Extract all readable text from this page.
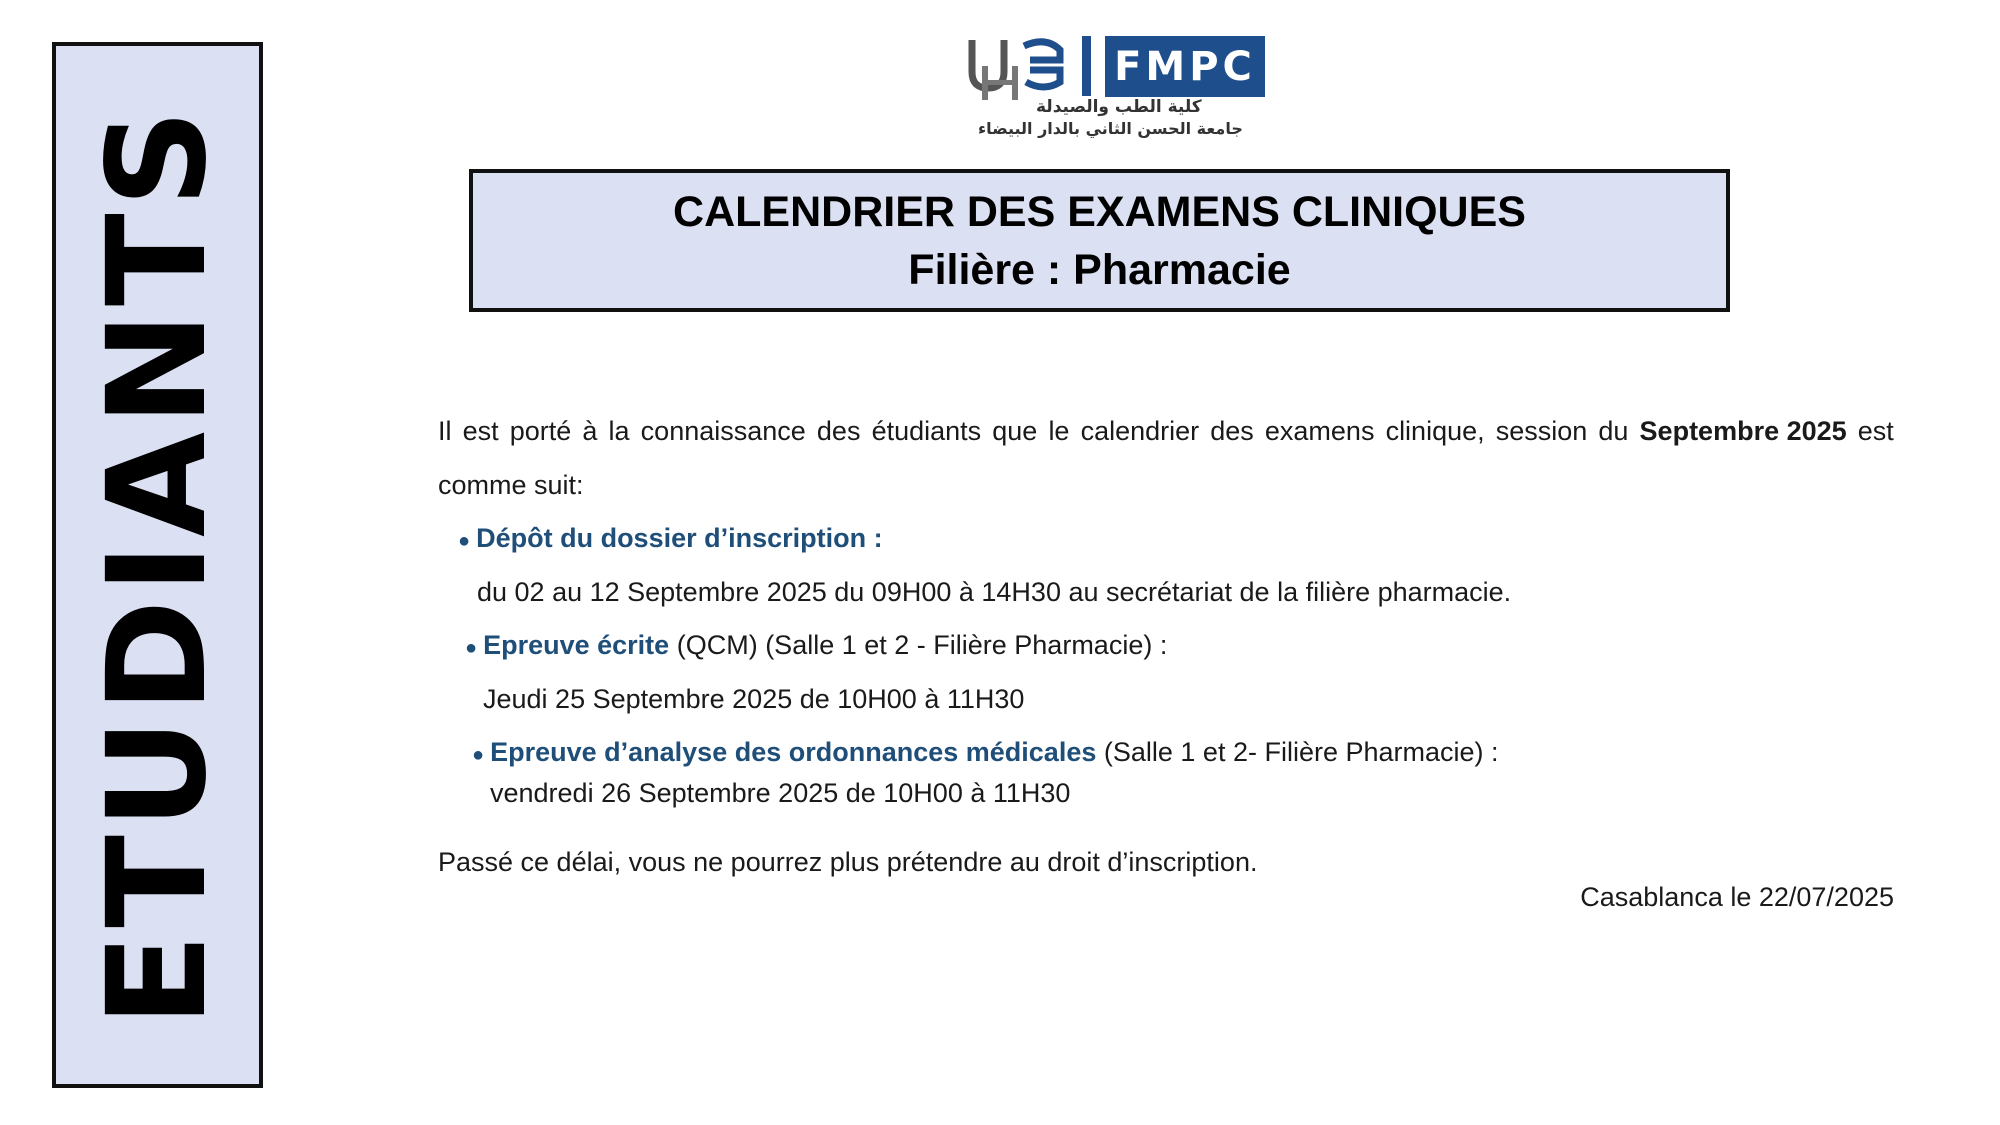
ETUDIANTS
FMPC
كلية الطب والصيدلة
جامعة الحسن الثاني بالدار البيضاء
CALENDRIER DES EXAMENS CLINIQUES
Filière : Pharmacie
Il est porté à la connaissance des étudiants que le calendrier des examens clinique, session du Septembre 2025 est
comme suit:
● Dépôt du dossier d’inscription :
du 02 au 12 Septembre 2025 du 09H00 à 14H30 au secrétariat de la filière pharmacie.
● Epreuve écrite (QCM) (Salle 1 et 2 - Filière Pharmacie) :
Jeudi 25 Septembre 2025 de 10H00 à 11H30
● Epreuve d’analyse des ordonnances médicales (Salle 1 et 2- Filière Pharmacie) :
vendredi 26 Septembre 2025 de 10H00 à 11H30
Passé ce délai, vous ne pourrez plus prétendre au droit d’inscription.
Casablanca le 22/07/2025
